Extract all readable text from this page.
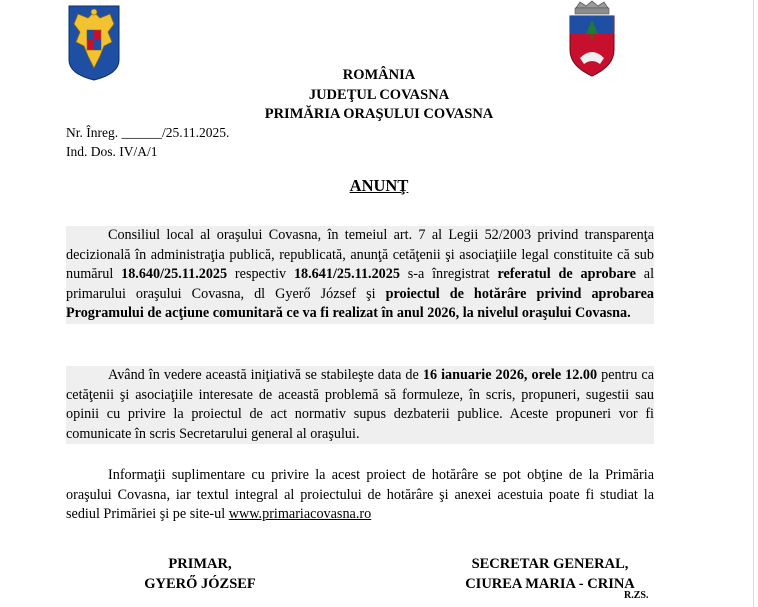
ROMÂNIA
JUDEŢUL COVASNA
PRIMĂRIA ORAŞULUI COVASNA
Nr. Înreg. ______/25.11.2025.
Ind. Dos. IV/A/1
ANUNŢ

Consiliul local al oraşului Covasna, în temeiul art. 7 al Legii 52/2003 privind transparenţa decizională în administraţia publică, republicată, anunţă cetăţenii şi asociaţiile legal constituite că sub numărul 18.640/25.11.2025 respectiv 18.641/25.11.2025 s-a înregistrat referatul de aprobare al primarului oraşului Covasna, dl Gyerő József şi proiectul de hotărâre privind aprobarea Programului de acţiune comunitară ce va fi realizat în anul 2026, la nivelul oraşului Covasna.

Având în vedere această iniţiativă se stabileşte data de 16 ianuarie 2026, orele 12.00 pentru ca cetăţenii şi asociaţiile interesate de această problemă să formuleze, în scris, propuneri, sugestii sau opinii cu privire la proiectul de act normativ supus dezbaterii publice. Aceste propuneri vor fi comunicate în scris Secretarului general al oraşului.

Informaţii suplimentare cu privire la acest proiect de hotărâre se pot obţine de la Primăria oraşului Covasna, iar textul integral al proiectului de hotărâre şi anexei acestuia poate fi studiat la sediul Primăriei şi pe site-ul www.primariacovasna.ro

PRIMAR,
GYERŐ JÓZSEF
SECRETAR GENERAL,
CIUREA MARIA - CRINA
R.ZS.
